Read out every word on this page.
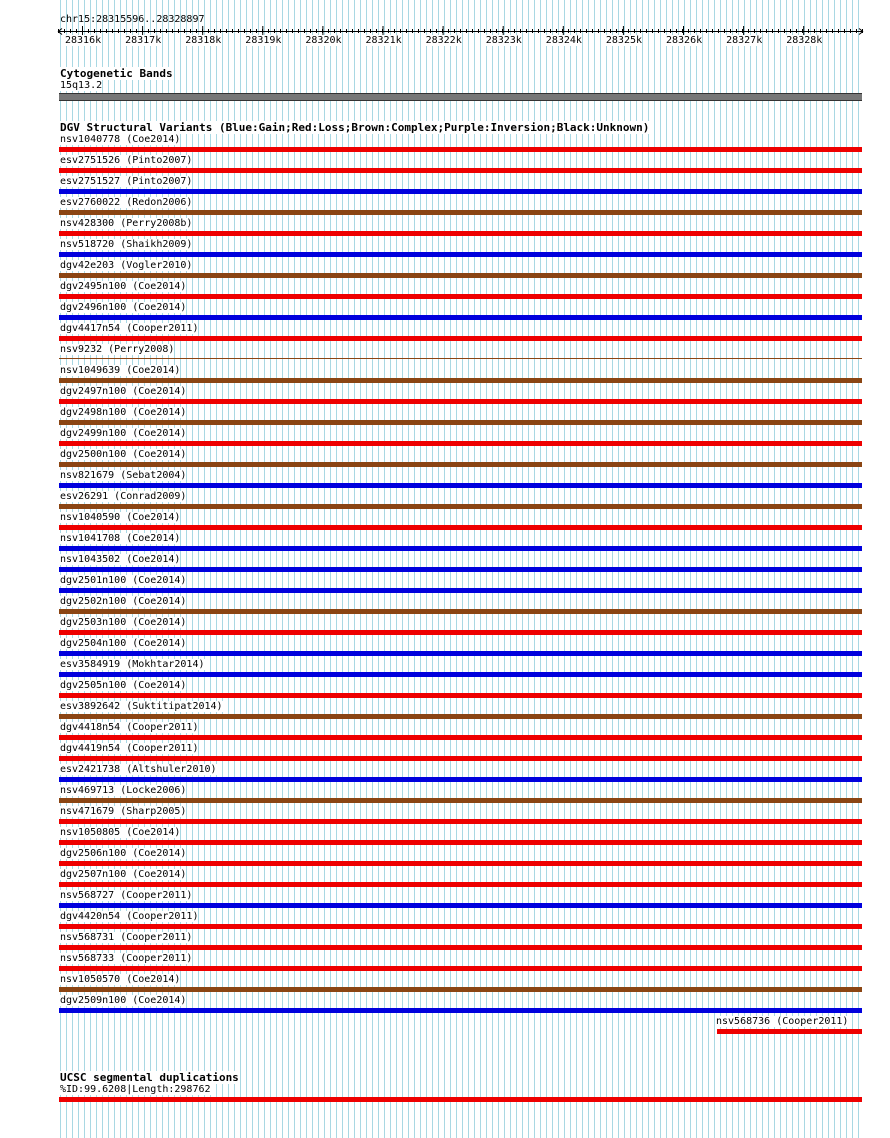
chr15:28315596..28328897
28316k 28317k 28318k 28319k 28320k 28321k 28322k 28323k 28324k 28325k 28326k 28327k 28328k
Cytogenetic Bands
15q13.2
DGV Structural Variants (Blue:Gain;Red:Loss;Brown:Complex;Purple:Inversion;Black:Unknown)
nsv1040778 (Coe2014)
esv2751526 (Pinto2007)
esv2751527 (Pinto2007)
esv2760022 (Redon2006)
nsv428300 (Perry2008b)
nsv518720 (Shaikh2009)
dgv42e203 (Vogler2010)
dgv2495n100 (Coe2014)
dgv2496n100 (Coe2014)
dgv4417n54 (Cooper2011)
nsv9232 (Perry2008)
nsv1049639 (Coe2014)
dgv2497n100 (Coe2014)
dgv2498n100 (Coe2014)
dgv2499n100 (Coe2014)
dgv2500n100 (Coe2014)
nsv821679 (Sebat2004)
esv26291 (Conrad2009)
nsv1040590 (Coe2014)
nsv1041708 (Coe2014)
nsv1043502 (Coe2014)
dgv2501n100 (Coe2014)
dgv2502n100 (Coe2014)
dgv2503n100 (Coe2014)
dgv2504n100 (Coe2014)
esv3584919 (Mokhtar2014)
dgv2505n100 (Coe2014)
esv3892642 (Suktitipat2014)
dgv4418n54 (Cooper2011)
dgv4419n54 (Cooper2011)
esv2421738 (Altshuler2010)
nsv469713 (Locke2006)
nsv471679 (Sharp2005)
nsv1050805 (Coe2014)
dgv2506n100 (Coe2014)
dgv2507n100 (Coe2014)
nsv568727 (Cooper2011)
dgv4420n54 (Cooper2011)
nsv568731 (Cooper2011)
nsv568733 (Cooper2011)
nsv1050570 (Coe2014)
dgv2509n100 (Coe2014)
nsv568736 (Cooper2011)
UCSC segmental duplications
%ID:99.6208|Length:298762
